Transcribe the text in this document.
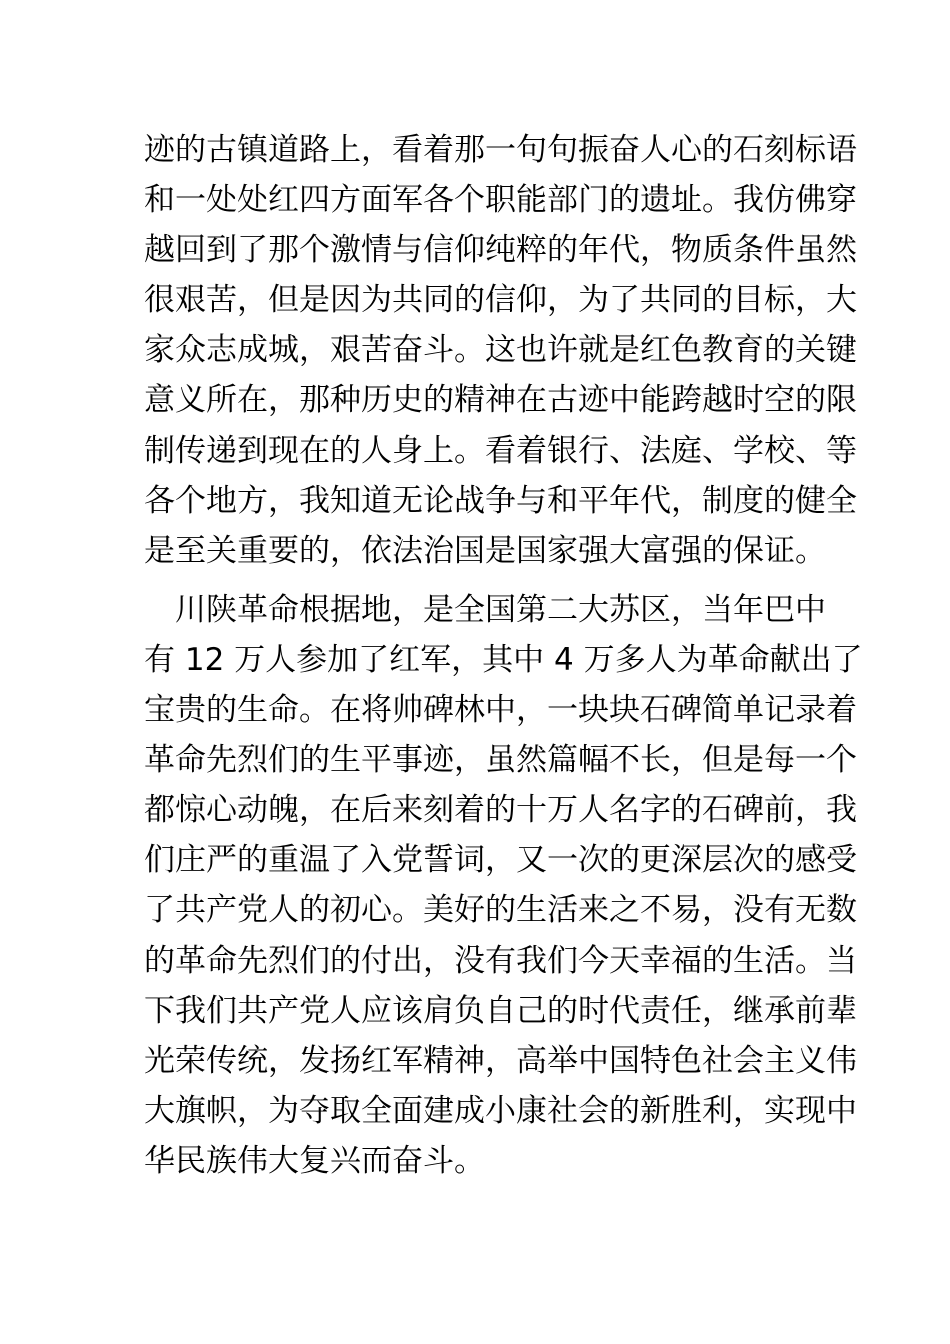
迹的古镇道路上，看着那一句句振奋人心的石刻标语
和一处处红四方面军各个职能部门的遗址。我仿佛穿
越回到了那个激情与信仰纯粹的年代，物质条件虽然
很艰苦，但是因为共同的信仰，为了共同的目标，大
家众志成城，艰苦奋斗。这也许就是红色教育的关键
意义所在，那种历史的精神在古迹中能跨越时空的限
制传递到现在的人身上。看着银行、法庭、学校、等
各个地方，我知道无论战争与和平年代，制度的健全
是至关重要的，依法治国是国家强大富强的保证。
　川陕革命根据地，是全国第二大苏区，当年巴中
有 12 万人参加了红军，其中 4 万多人为革命献出了
宝贵的生命。在将帅碑林中，一块块石碑简单记录着
革命先烈们的生平事迹，虽然篇幅不长，但是每一个
都惊心动魄，在后来刻着的十万人名字的石碑前，我
们庄严的重温了入党誓词，又一次的更深层次的感受
了共产党人的初心。美好的生活来之不易，没有无数
的革命先烈们的付出，没有我们今天幸福的生活。当
下我们共产党人应该肩负自己的时代责任，继承前辈
光荣传统，发扬红军精神，高举中国特色社会主义伟
大旗帜，为夺取全面建成小康社会的新胜利，实现中
华民族伟大复兴而奋斗。
